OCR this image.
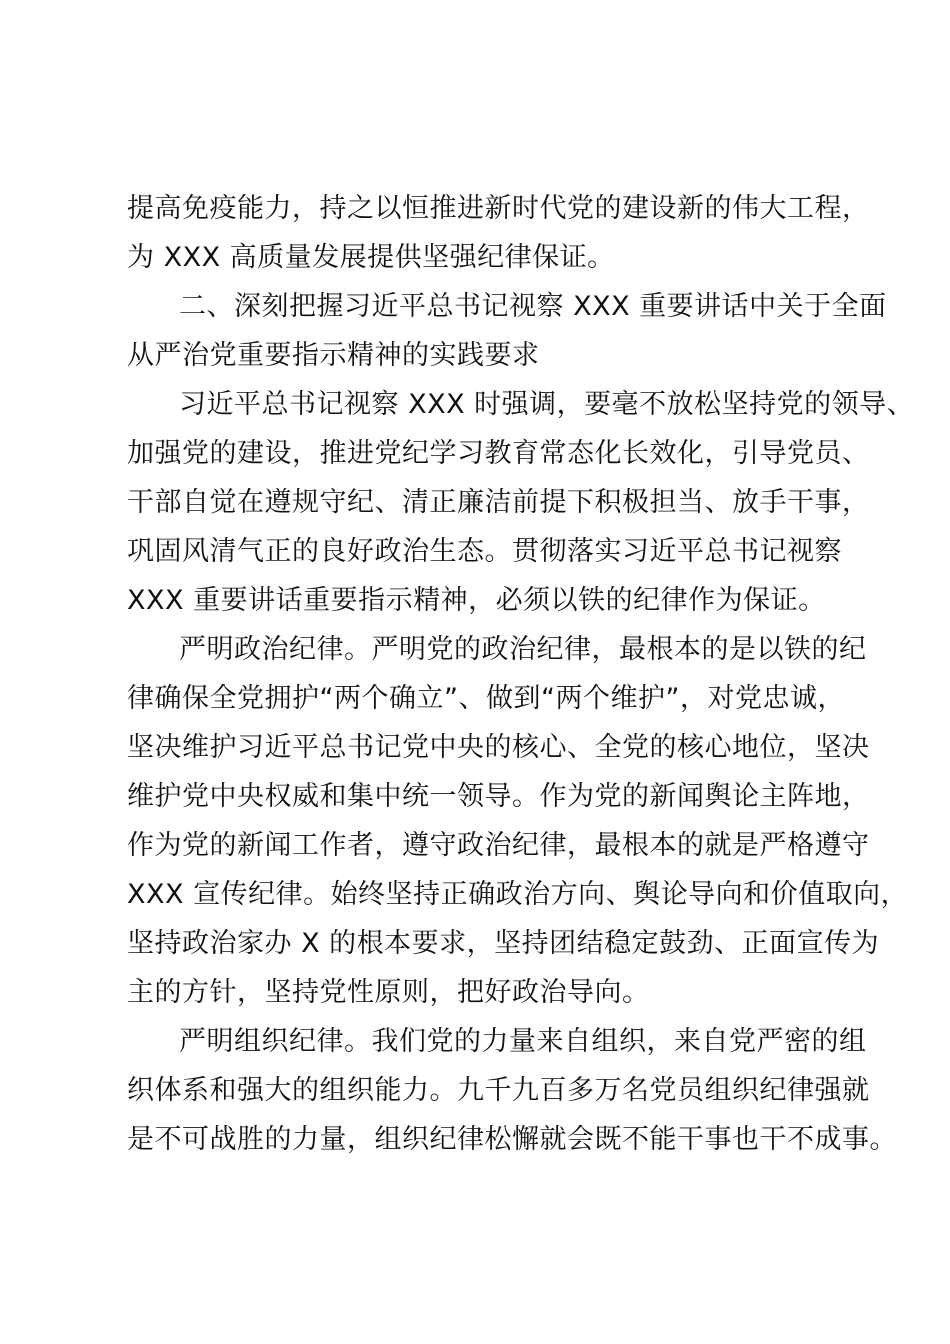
提高免疫能力，持之以恒推进新时代党的建设新的伟大工程，
为 XXX 高质量发展提供坚强纪律保证。
二、深刻把握习近平总书记视察 XXX 重要讲话中关于全面
从严治党重要指示精神的实践要求
习近平总书记视察 XXX 时强调，要毫不放松坚持党的领导、
加强党的建设，推进党纪学习教育常态化长效化，引导党员、
干部自觉在遵规守纪、清正廉洁前提下积极担当、放手干事，
巩固风清气正的良好政治生态。贯彻落实习近平总书记视察
XXX 重要讲话重要指示精神，必须以铁的纪律作为保证。
严明政治纪律。严明党的政治纪律，最根本的是以铁的纪
律确保全党拥护“两个确立”、做到“两个维护”，对党忠诚，
坚决维护习近平总书记党中央的核心、全党的核心地位，坚决
维护党中央权威和集中统一领导。作为党的新闻舆论主阵地，
作为党的新闻工作者，遵守政治纪律，最根本的就是严格遵守
XXX 宣传纪律。始终坚持正确政治方向、舆论导向和价值取向，
坚持政治家办 X 的根本要求，坚持团结稳定鼓劲、正面宣传为
主的方针，坚持党性原则，把好政治导向。
严明组织纪律。我们党的力量来自组织，来自党严密的组
织体系和强大的组织能力。九千九百多万名党员组织纪律强就
是不可战胜的力量，组织纪律松懈就会既不能干事也干不成事。
